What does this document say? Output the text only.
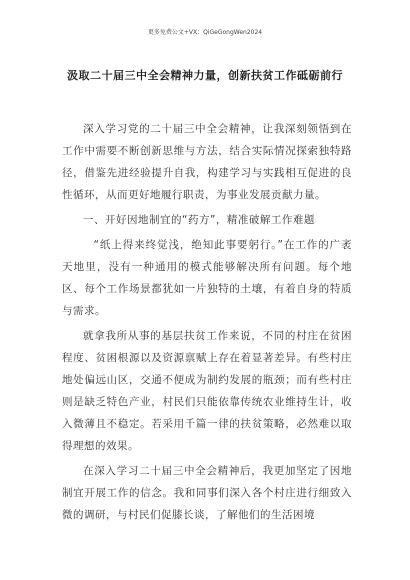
更多免费公文+VX：QiGeGongWen2024
汲取二十届三中全会精神力量，创新扶贫工作砥砺前行

深入学习党的二十届三中全会精神，让我深刻领悟到在工作中需要不断创新思维与方法，结合实际情况探索独特路径，借鉴先进经验提升自我，构建学习与实践相互促进的良性循环，从而更好地履行职责，为事业发展贡献力量。

一、开好因地制宜的“药方”，精准破解工作难题

“纸上得来终觉浅，绝知此事要躬行。”在工作的广袤天地里，没有一种通用的模式能够解决所有问题。每个地区、每个工作场景都犹如一片独特的土壤，有着自身的特质与需求。

就拿我所从事的基层扶贫工作来说，不同的村庄在贫困程度、贫困根源以及资源禀赋上存在着显著差异。有些村庄地处偏远山区，交通不便成为制约发展的瓶颈；而有些村庄则是缺乏特色产业，村民们只能依靠传统农业维持生计，收入微薄且不稳定。若采用千篇一律的扶贫策略，必然难以取得理想的效果。

在深入学习二十届三中全会精神后，我更加坚定了因地制宜开展工作的信念。我和同事们深入各个村庄进行细致入微的调研，与村民们促膝长谈，了解他们的生活困境
